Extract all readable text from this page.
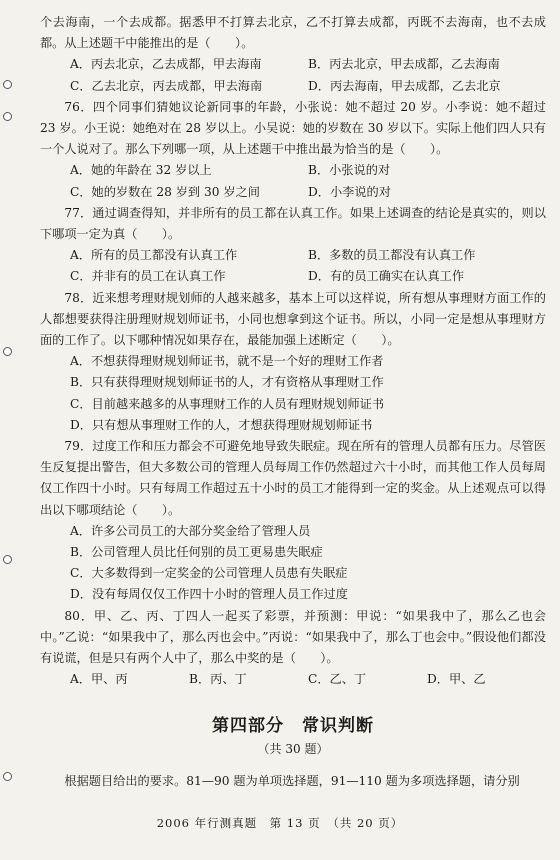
个去海南，一个去成都。据悉甲不打算去北京，乙不打算去成都，丙既不去海南，也不去成都。从上述题干中能推出的是（　　）。

A．丙去北京，乙去成都，甲去海南	B．丙去北京，甲去成都，乙去海南
C．乙去北京，丙去成都，甲去海南	D．丙去海南，甲去成都，乙去北京

76．四个同事们猜她议论新同事的年龄，小张说：她不超过 20 岁。小李说：她不超过 23 岁。小王说：她绝对在 28 岁以上。小吴说：她的岁数在 30 岁以下。实际上他们四人只有一个人说对了。那么下列哪一项，从上述题干中推出最为恰当的是（　　）。

A．她的年龄在 32 岁以上	B．小张说的对
C．她的岁数在 28 岁到 30 岁之间	D．小李说的对

77．通过调查得知，并非所有的员工都在认真工作。如果上述调查的结论是真实的，则以下哪项一定为真（　　）。

A．所有的员工都没有认真工作	B．多数的员工都没有认真工作
C．并非有的员工在认真工作	D．有的员工确实在认真工作

78．近来想考理财规划师的人越来越多，基本上可以这样说，所有想从事理财方面工作的人都想要获得注册理财规划师证书，小同也想拿到这个证书。所以，小同一定是想从事理财方面的工作了。以下哪种情况如果存在，最能加强上述断定（　　）。

A．不想获得理财规划师证书，就不是一个好的理财工作者
B．只有获得理财规划师证书的人，才有资格从事理财工作
C．目前越来越多的从事理财工作的人员有理财规划师证书
D．只有想从事理财工作的人，才想获得理财规划师证书

79．过度工作和压力都会不可避免地导致失眠症。现在所有的管理人员都有压力。尽管医生反复提出警告，但大多数公司的管理人员每周工作仍然超过六十小时，而其他工作人员每周仅工作四十小时。只有每周工作超过五十小时的员工才能得到一定的奖金。从上述观点可以得出以下哪项结论（　　）。

A．许多公司员工的大部分奖金给了管理人员
B．公司管理人员比任何别的员工更易患失眠症
C．大多数得到一定奖金的公司管理人员患有失眠症
D．没有每周仅仅工作四十小时的管理人员工作过度

80．甲、乙、丙、丁四人一起买了彩票，并预测：甲说：“如果我中了，那么乙也会中。”乙说：“如果我中了，那么丙也会中。”丙说：“如果我中了，那么丁也会中。”假设他们都没有说谎，但是只有两个人中了，那么中奖的是（　　）。

A．甲、丙	B．丙、丁	C．乙、丁	D．甲、乙
第四部分　常识判断
（共 30 题）

根据题目给出的要求。81—90 题为单项选择题，91—110 题为多项选择题，请分别

2006 年行测真题　第 13 页　（共 20 页）
